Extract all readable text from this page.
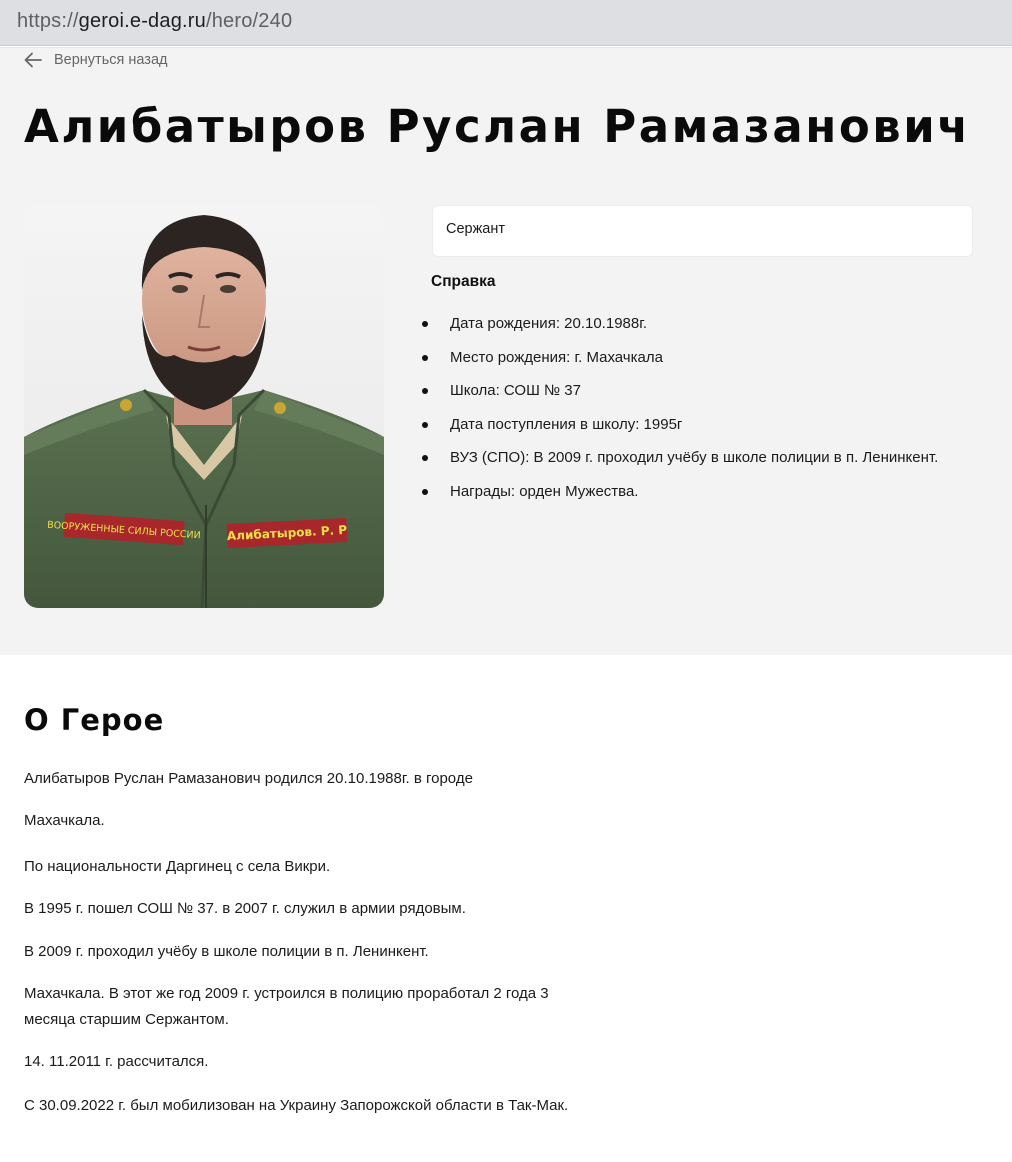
https://geroi.e-dag.ru/hero/240
Вернуться назад
Алибатыров Руслан Рамазанович
ВООРУЖЕННЫЕ СИЛЫ РОССИИ Алибатыров. Р. Р
Сержант
Справка
Дата рождения: 20.10.1988г.
Место рождения: г. Махачкала
Школа: СОШ № 37
Дата поступления в школу: 1995г
ВУЗ (СПО): В 2009 г. проходил учёбу в школе полиции в п. Ленинкент.
Награды: орден Мужества.
О Герое

Алибатыров Руслан Рамазанович родился 20.10.1988г. в городе

Махачкала.

По национальности Даргинец с села Викри.

В 1995 г. пошел СОШ № 37. в 2007 г. служил в армии рядовым.

В 2009 г. проходил учёбу в школе полиции в п. Ленинкент.

Махачкала. В этот же год 2009 г. устроился в полицию проработал 2 года 3 месяца старшим Сержантом.

14. 11.2011 г. рассчитался.

С 30.09.2022 г. был мобилизован на Украину Запорожской области в Так-Мак.
